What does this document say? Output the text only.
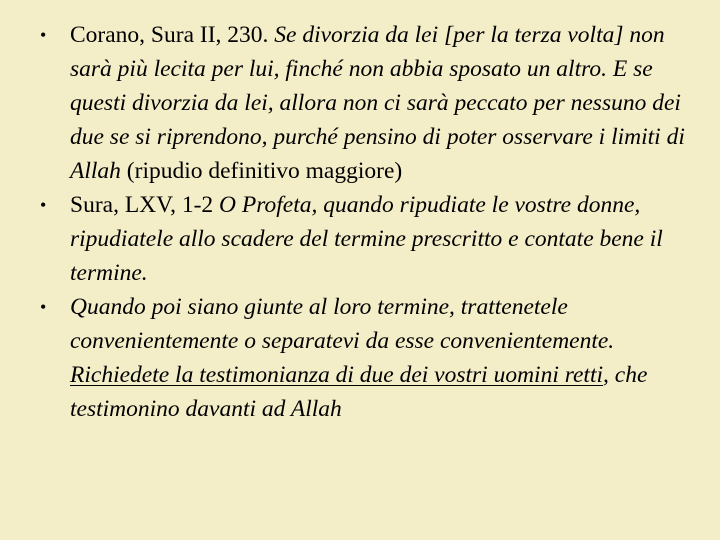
•	Corano, Sura II, 230. Se divorzia da lei [per la terza volta] non sarà più lecita per lui, finché non abbia sposato un altro. E se questi divorzia da lei, allora non ci sarà peccato per nessuno dei due se si riprendono, purché pensino di poter osservare i limiti di Allah (ripudio definitivo maggiore)
•	Sura, LXV, 1-2 O Profeta, quando ripudiate le vostre donne, ripudiatele allo scadere del termine prescritto e contate bene il termine.
•	Quando poi siano giunte al loro termine, trattenetele convenientemente o separatevi da esse convenientemente. Richiedete la testimonianza di due dei vostri uomini retti, che testimonino davanti ad Allah
